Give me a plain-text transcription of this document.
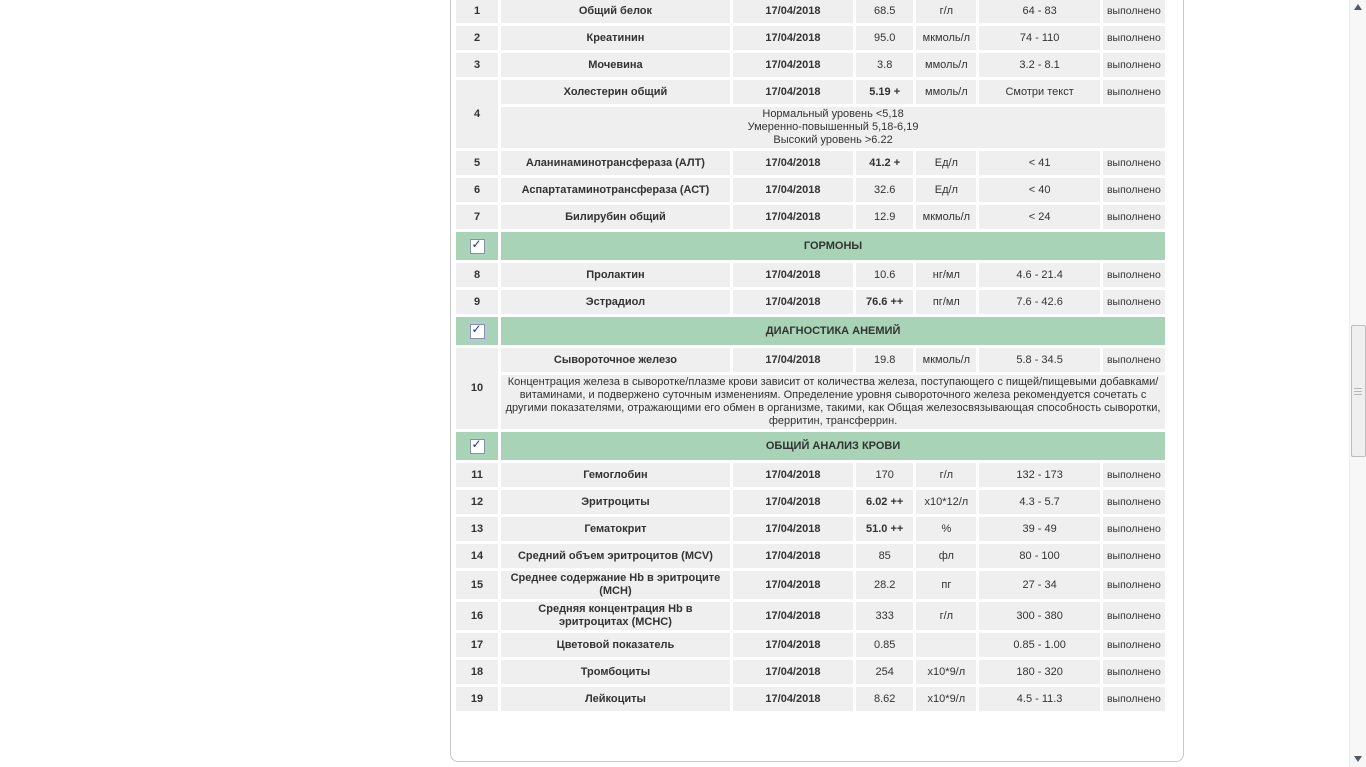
1	Общий белок	17/04/2018	68.5	г/л	64 - 83	выполнено
2	Креатинин	17/04/2018	95.0	мкмоль/л	74 - 110	выполнено
3	Мочевина	17/04/2018	3.8	ммоль/л	3.2 - 8.1	выполнено
4	Холестерин общий	17/04/2018	5.19 +	ммоль/л	Смотри текст	выполнено

	Нормальный уровень <5,18
Умеренно-повышенный 5,18-6,19
Высокий уровень >6.22					

5	Аланинаминотрансфераза (АЛТ)	17/04/2018	41.2 +	Ед/л	< 41	выполнено
6	Аспартатаминотрансфераза (АСТ)	17/04/2018	32.6	Ед/л	< 40	выполнено
7	Билирубин общий	17/04/2018	12.9	мкмоль/л	< 24	выполнено

✓	ГОРМОНЫ					
8	Пролактин	17/04/2018	10.6	нг/мл	4.6 - 21.4	выполнено
9	Эстрадиол	17/04/2018	76.6 ++	пг/мл	7.6 - 42.6	выполнено

✓	ДИАГНОСТИКА АНЕМИЙ					
10	Сывороточное железо	17/04/2018	19.8	мкмоль/л	5.8 - 34.5	выполнено

	Концентрация железа в сыворотке/плазме крови зависит от количества железа, поступающего с пищей/пищевыми добавками/витаминами, и подвержено суточным изменениям. Определение уровня сывороточного железа рекомендуется сочетать с другими показателями, отражающими его обмен в организме, такими, как Общая железосвязывающая способность сыворотки, ферритин, трансферрин.					

✓	ОБЩИЙ АНАЛИЗ КРОВИ					
11	Гемоглобин	17/04/2018	170	г/л	132 - 173	выполнено
12	Эритроциты	17/04/2018	6.02 ++	х10*12/л	4.3 - 5.7	выполнено
13	Гематокрит	17/04/2018	51.0 ++	%	39 - 49	выполнено
14	Средний объем эритроцитов (MCV)	17/04/2018	85	фл	80 - 100	выполнено
15	Среднее содержание Hb в эритроците (MCH)	17/04/2018	28.2	пг	27 - 34	выполнено
16	Средняя концентрация Hb в эритроцитах (MCHC)	17/04/2018	333	г/л	300 - 380	выполнено
17	Цветовой показатель	17/04/2018	0.85		0.85 - 1.00	выполнено
18	Тромбоциты	17/04/2018	254	х10*9/л	180 - 320	выполнено
19	Лейкоциты	17/04/2018	8.62	х10*9/л	4.5 - 11.3	выполнено
